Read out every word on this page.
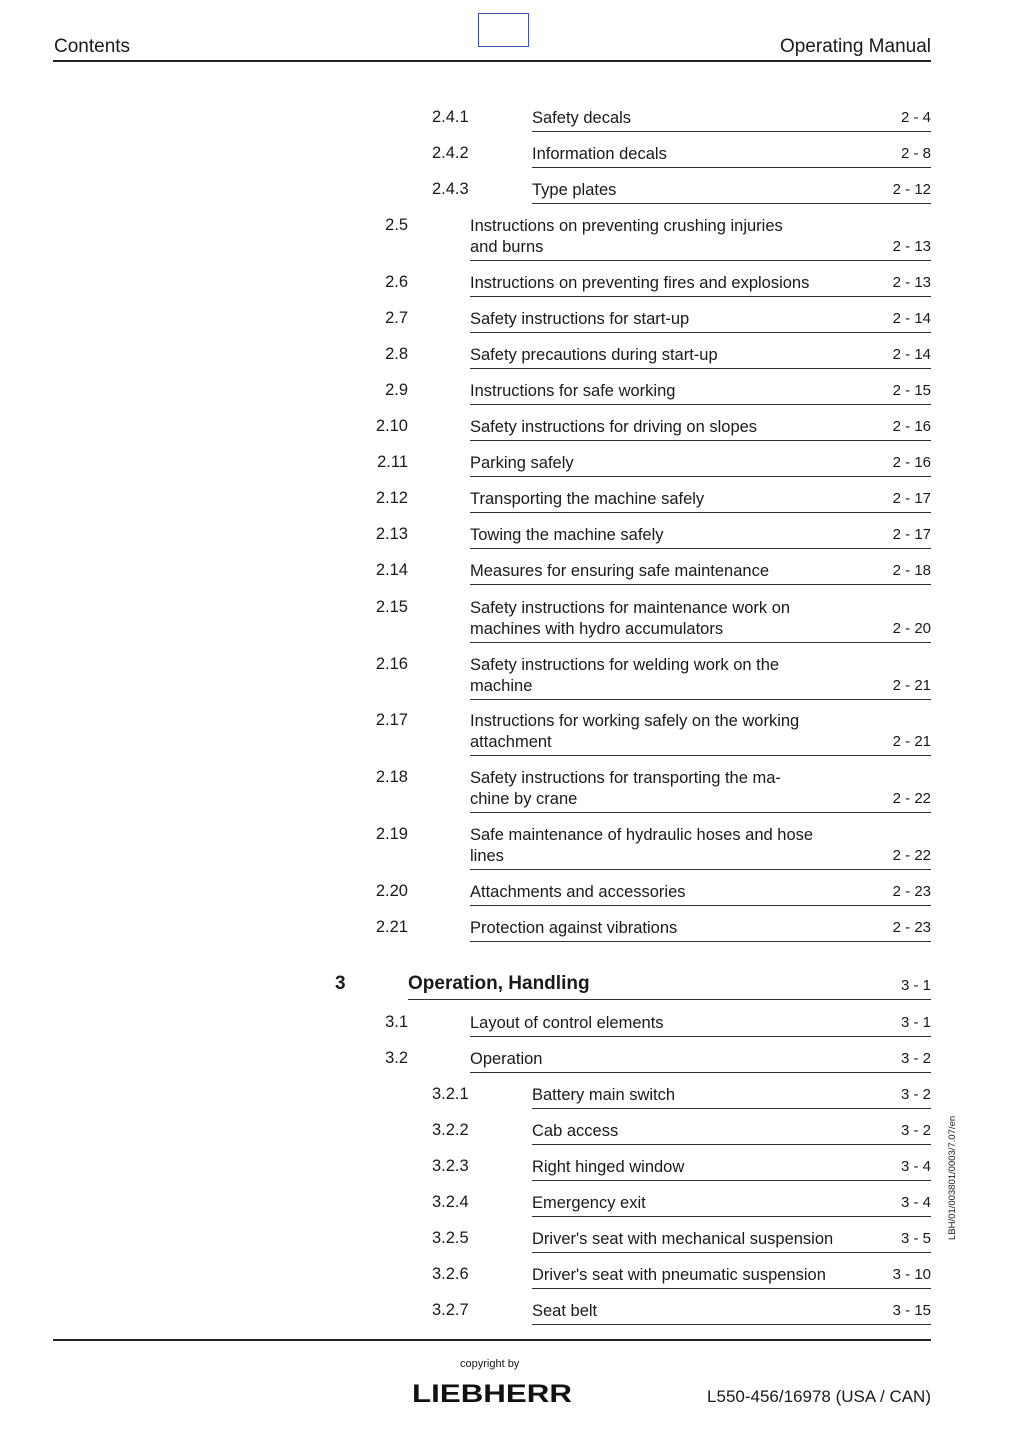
Contents	Operating Manual
2.4.1	Safety decals	2 - 4
2.4.2	Information decals	2 - 8
2.4.3	Type plates	2 - 12
2.5	Instructions on preventing crushing injuries
and burns	2 - 13
2.6	Instructions on preventing fires and explosions	2 - 13
2.7	Safety instructions for start-up	2 - 14
2.8	Safety precautions during start-up	2 - 14
2.9	Instructions for safe working	2 - 15
2.10	Safety instructions for driving on slopes	2 - 16
2.11	Parking safely	2 - 16
2.12	Transporting the machine safely	2 - 17
2.13	Towing the machine safely	2 - 17
2.14	Measures for ensuring safe maintenance	2 - 18
2.15	Safety instructions for maintenance work on
machines with hydro accumulators	2 - 20
2.16	Safety instructions for welding work on the
machine	2 - 21
2.17	Instructions for working safely on the working
attachment	2 - 21
2.18	Safety instructions for transporting the ma-
chine by crane	2 - 22
2.19	Safe maintenance of hydraulic hoses and hose
lines	2 - 22
2.20	Attachments and accessories	2 - 23
2.21	Protection against vibrations	2 - 23
3	Operation, Handling	3 - 1
3.1	Layout of control elements	3 - 1
3.2	Operation	3 - 2
3.2.1	Battery main switch	3 - 2
3.2.2	Cab access	3 - 2
3.2.3	Right hinged window	3 - 4
3.2.4	Emergency exit	3 - 4
3.2.5	Driver's seat with mechanical suspension	3 - 5
3.2.6	Driver's seat with pneumatic suspension	3 - 10
3.2.7	Seat belt	3 - 15
LBH/01/003801/0003/7.07/en
copyright by
LIEBHERR	L550-456/16978 (USA / CAN)
